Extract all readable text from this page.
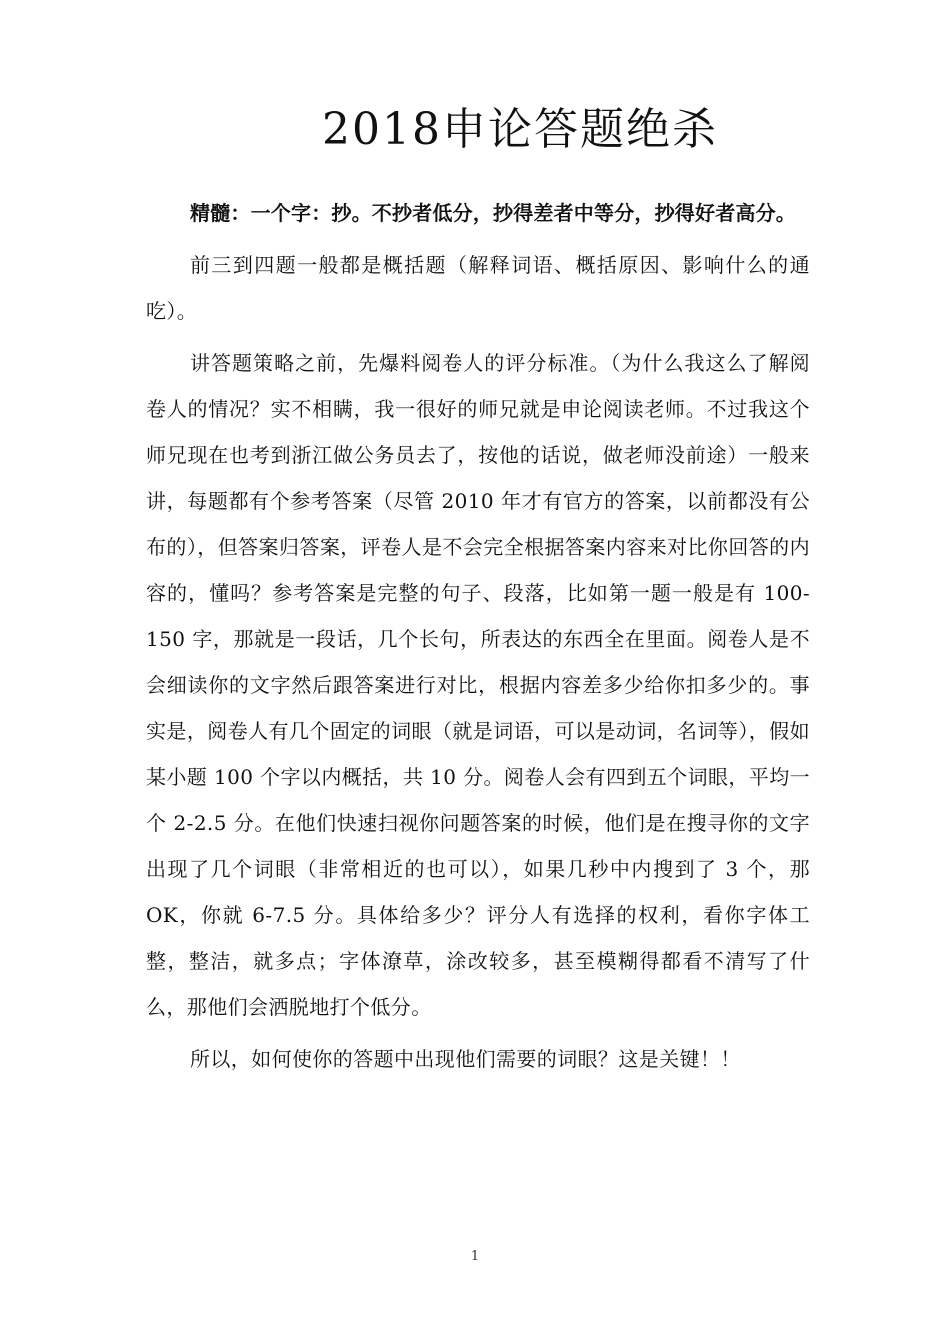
2018申论答题绝杀

精髓：一个字：抄。不抄者低分，抄得差者中等分，抄得好者高分。

前三到四题一般都是概括题（解释词语、概括原因、影响什么的通吃）。

讲答题策略之前，先爆料阅卷人的评分标准。（为什么我这么了解阅卷人的情况？实不相瞒，我一很好的师兄就是申论阅读老师。不过我这个师兄现在也考到浙江做公务员去了，按他的话说，做老师没前途）一般来讲，每题都有个参考答案（尽管 2010 年才有官方的答案，以前都没有公布的），但答案归答案，评卷人是不会完全根据答案内容来对比你回答的内容的，懂吗？参考答案是完整的句子、段落，比如第一题一般是有 100-150 字，那就是一段话，几个长句，所表达的东西全在里面。阅卷人是不会细读你的文字然后跟答案进行对比，根据内容差多少给你扣多少的。事实是，阅卷人有几个固定的词眼（就是词语，可以是动词，名词等），假如某小题 100 个字以内概括，共 10 分。阅卷人会有四到五个词眼，平均一个 2-2.5 分。在他们快速扫视你问题答案的时候，他们是在搜寻你的文字出现了几个词眼（非常相近的也可以），如果几秒中内搜到了 3 个，那 OK，你就 6-7.5 分。具体给多少？评分人有选择的权利，看你字体工整，整洁，就多点；字体潦草，涂改较多，甚至模糊得都看不清写了什么，那他们会洒脱地打个低分。

所以，如何使你的答题中出现他们需要的词眼？这是关键！！

1
